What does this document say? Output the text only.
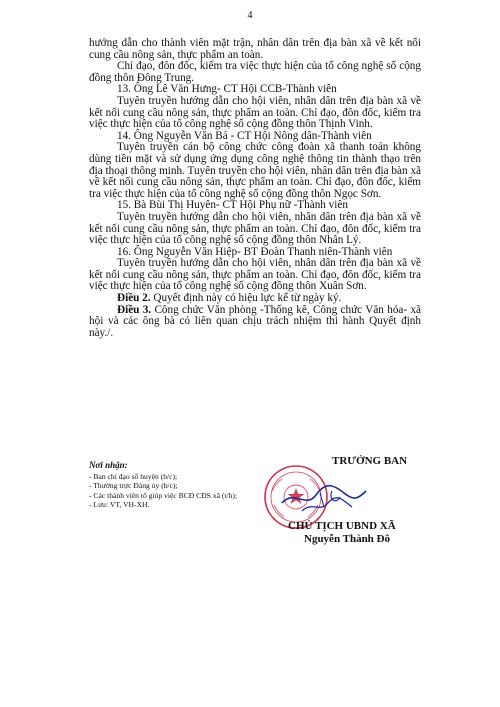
4

hướng dẫn cho thành viên mặt trận, nhân dân trên địa bàn xã về kết nối cung cầu nông sản, thực phẩm an toàn.

Chỉ đạo, đôn đốc, kiểm tra việc thực hiện của tổ công nghệ số cộng đồng thôn Đông Trung.

13. Ông Lê Văn Hưng- CT Hội CCB-Thành viên

Tuyên truyền hướng dẫn cho hội viên, nhân dân trên địa bàn xã về kết nối cung cầu nông sản, thực phẩm an toàn. Chỉ đạo, đôn đốc, kiểm tra việc thực hiện của tổ công nghệ số cộng đồng thôn Thịnh Vinh.

14. Ông Nguyễn Văn Bá - CT Hội Nông dân-Thành viên

Tuyên truyền cán bộ công chức công đoàn xã thanh toán không dùng tiền mặt và sử dụng ứng dụng công nghệ thông tin thành thạo trên địa thoại thông minh. Tuyên truyền cho hội viên, nhân dân trên địa bàn xã về kết nối cung cầu nông sản, thực phẩm an toàn. Chỉ đạo, đôn đốc, kiểm tra việc thực hiện của tổ công nghệ số cộng đồng thôn Ngọc Sơn.

15. Bà Bùi Thị Huyên- CT Hội Phụ nữ -Thành viên

Tuyên truyền hướng dẫn cho hội viên, nhân dân trên địa bàn xã về kết nối cung cầu nông sản, thực phẩm an toàn. Chỉ đạo, đôn đốc, kiểm tra việc thực hiện của tổ công nghệ số cộng đồng thôn Nhân Lý.

16. Ông Nguyễn Văn Hiệp- BT Đoàn Thanh niên-Thành viên

Tuyên truyền hướng dẫn cho hội viên, nhân dân trên địa bàn xã về kết nối cung cầu nông sản, thực phẩm an toàn. Chỉ đạo, đôn đốc, kiểm tra việc thực hiện của tổ công nghệ số cộng đồng thôn Xuân Sơn.

Điều 2. Quyết định này có hiệu lực kể từ ngày ký.

Điều 3. Công chức Văn phòng -Thống kê, Công chức Văn hóa- xã hội và các ông bà có liên quan chịu trách nhiệm thi hành Quyết định này./.

Nơi nhận:
- Ban chỉ đạo số huyện (b/c);
- Thường trực Đảng ủy (b/c);
- Các thành viên tổ giúp việc BCĐ CĐS xã (t/h);
- Lưu: VT, VH-XH.
TRƯỞNG BAN
CHỦ TỊCH UBND XÃ
Nguyễn Thành Đô
